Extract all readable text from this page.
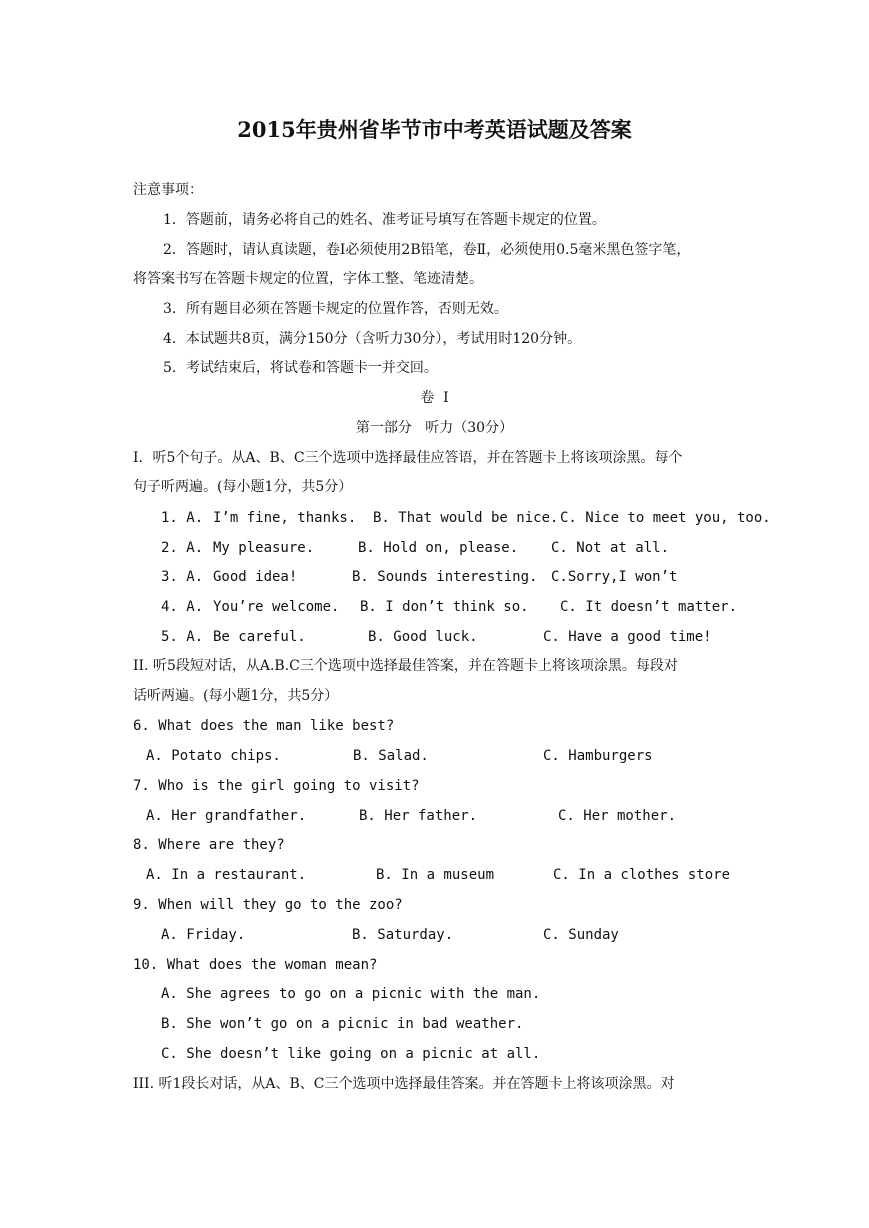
2015年贵州省毕节市中考英语试题及答案
注意事项：
1．答题前，请务必将自己的姓名、准考证号填写在答题卡规定的位置。
2．答题时，请认真读题，卷Ⅰ必须使用2B铅笔，卷Ⅱ，必须使用0.5毫米黑色签字笔，
将答案书写在答题卡规定的位置，字体工整、笔迹清楚。
3．所有题目必须在答题卡规定的位置作答，否则无效。
4．本试题共8页，满分150分（含听力30分），考试用时120分钟。
5．考试结束后，将试卷和答题卡一并交回。
卷  I
第一部分   听力（30分）
I．听5个句子。从A、B、C三个选项中选择最佳应答语，并在答题卡上将该项涂黑。每个
句子听两遍。(每小题1分，共5分）
1. A. I’m fine, thanks. B. That would be nice. C. Nice to meet you, too.
2. A. My pleasure.	B. Hold on, please. C. Not at all.
3. A. Good idea!	B. Sounds interesting. C.Sorry,I won’t
4. A. You’re welcome. B. I don’t think so. C. It doesn’t matter.
5. A. Be careful.	B. Good luck.	C. Have a good time!
II. 听5段短对话，从A.B.C三个选项中选择最佳答案，并在答题卡上将该项涂黑。每段对
话听两遍。(每小题1分，共5分）
6. What does the man like best?
A. Potato chips.	B. Salad.	C. Hamburgers
7. Who is the girl going to visit?
A. Her grandfather.	B. Her father.	C. Her mother.
8. Where are they?
A. In a restaurant.	B. In a museum	C. In a clothes store
9. When will they go to the zoo?
A. Friday.	B. Saturday.	C. Sunday
10. What does the woman mean?
A. She agrees to go on a picnic with the man.
B. She won’t go on a picnic in bad weather.
C. She doesn’t like going on a picnic at all.
III. 听1段长对话，从A、B、C三个选项中选择最佳答案。并在答题卡上将该项涂黑。对
